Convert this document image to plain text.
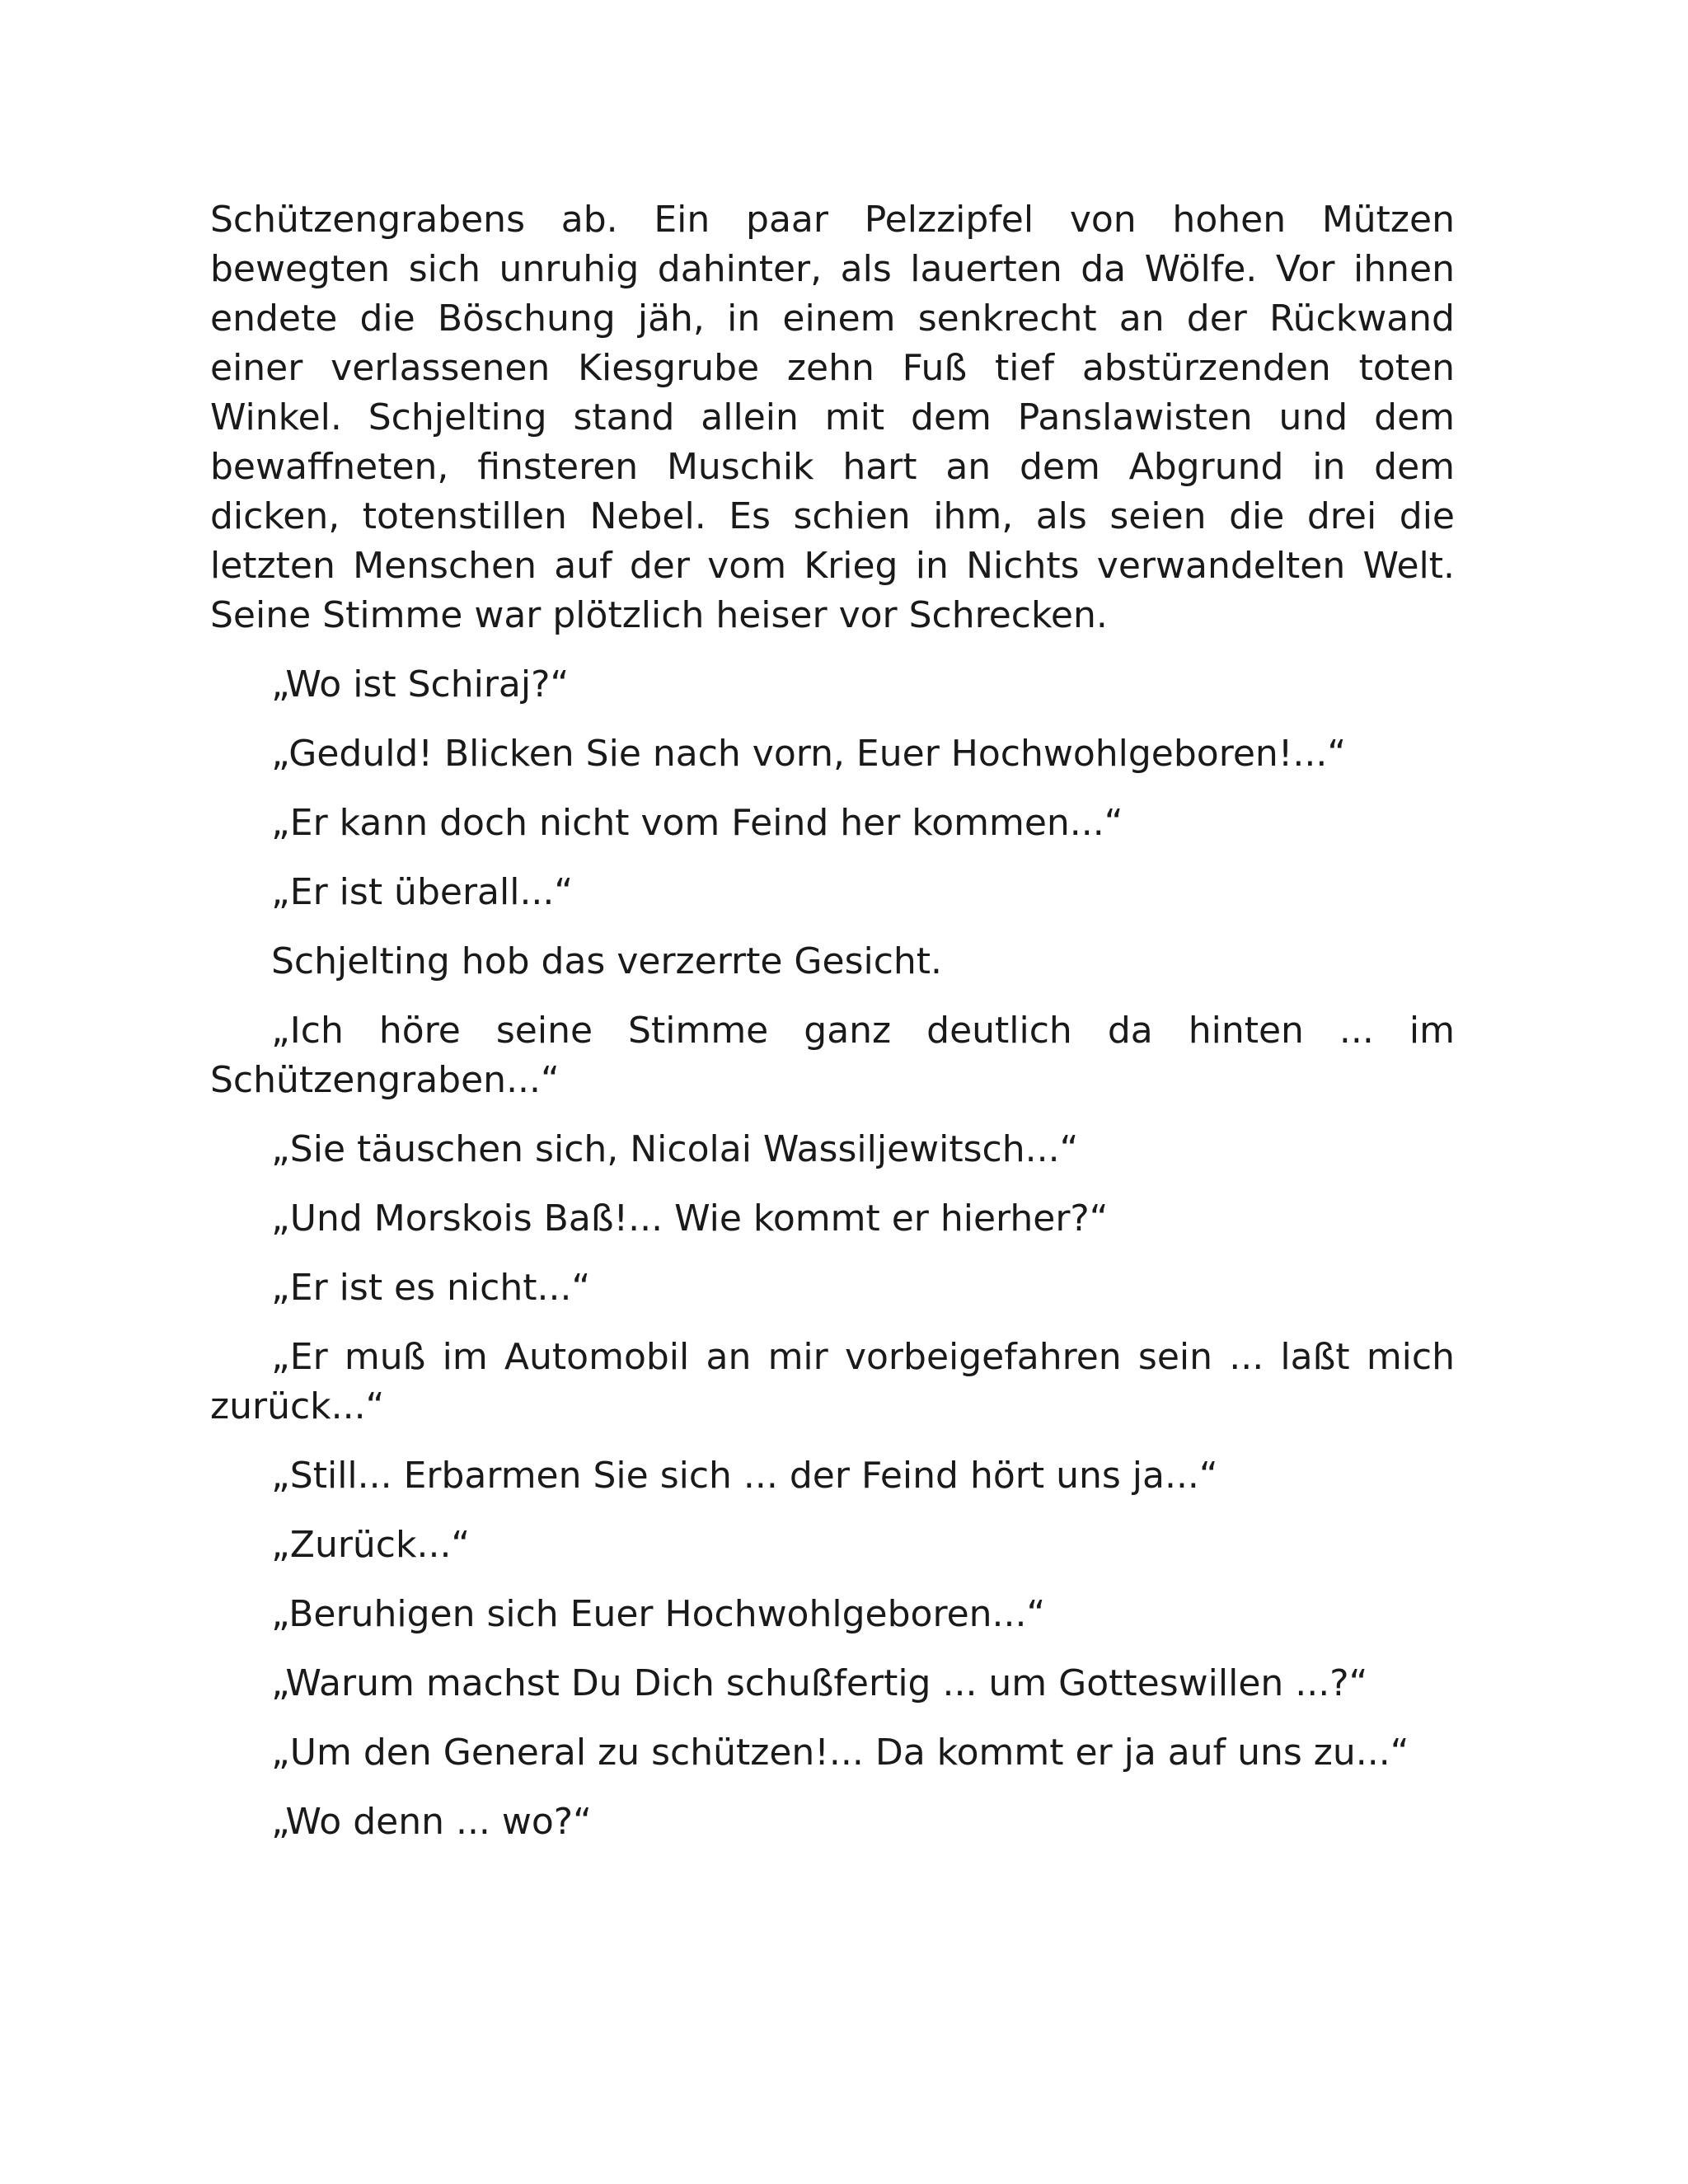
Schützengrabens ab. Ein paar Pelzzipfel von hohen Mützen bewegten sich unruhig dahinter, als lauerten da Wölfe. Vor ihnen endete die Böschung jäh, in einem senkrecht an der Rückwand einer verlassenen Kiesgrube zehn Fuß tief abstürzenden toten Winkel. Schjelting stand allein mit dem Panslawisten und dem bewaffneten, finsteren Muschik hart an dem Abgrund in dem dicken, totenstillen Nebel. Es schien ihm, als seien die drei die letzten Menschen auf der vom Krieg in Nichts verwandelten Welt. Seine Stimme war plötzlich heiser vor Schrecken.

„Wo ist Schiraj?“

„Geduld! Blicken Sie nach vorn, Euer Hochwohlgeboren!...“

„Er kann doch nicht vom Feind her kommen...“

„Er ist überall...“

Schjelting hob das verzerrte Gesicht.

„Ich höre seine Stimme ganz deutlich da hinten ... im Schützengraben...“

„Sie täuschen sich, Nicolai Wassiljewitsch...“

„Und Morskois Baß!... Wie kommt er hierher?“

„Er ist es nicht...“

„Er muß im Automobil an mir vorbeigefahren sein ... laßt mich zurück...“

„Still... Erbarmen Sie sich ... der Feind hört uns ja...“

„Zurück...“

„Beruhigen sich Euer Hochwohlgeboren...“

„Warum machst Du Dich schußfertig ... um Gotteswillen ...?“

„Um den General zu schützen!... Da kommt er ja auf uns zu...“

„Wo denn ... wo?“
